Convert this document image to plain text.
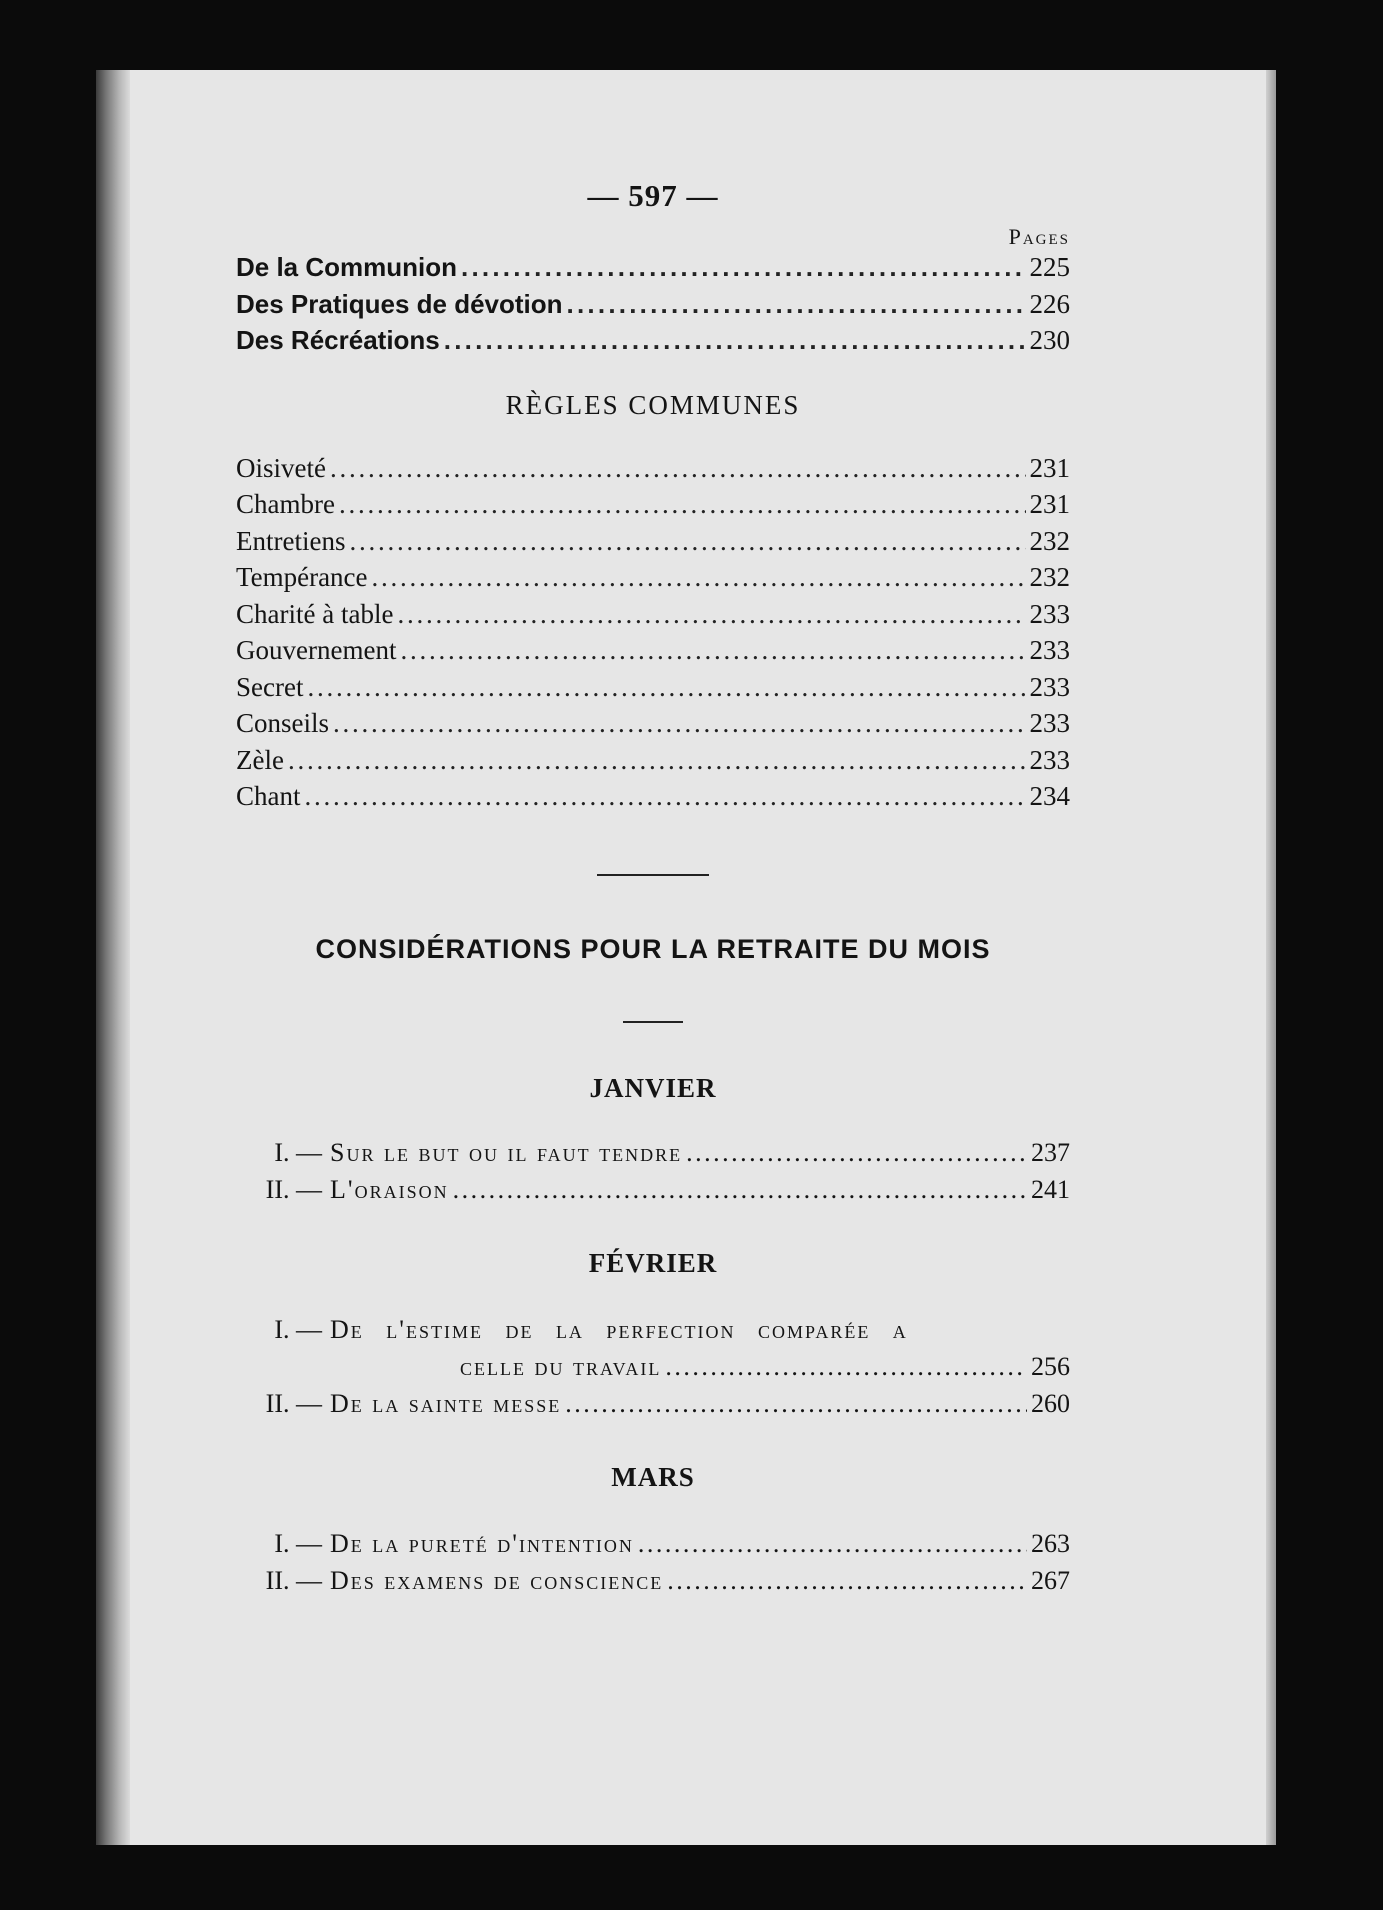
— 597 —
Pages
De la Communion . . .	225
Des Pratiques de dévotion . . .	226
Des Récréations . . .	230
RÈGLES COMMUNES
Oisiveté . . .	231
Chambre . . .	231
Entretiens . . .	232
Tempérance . . .	232
Charité à table . . .	233
Gouvernement . . .	233
Secret . . .	233
Conseils . . .	233
Zèle . . .	233
Chant . . .	234
CONSIDÉRATIONS POUR LA RETRAITE DU MOIS
JANVIER
I. — Sur le but ou il faut tendre . . .	237
II. — L'oraison . . .	241
FÉVRIER
I. — De l'estime de la perfection comparée a
celle du travail . . .	256
II. — De la sainte messe . . .	260
MARS
I. — De la pureté d'intention . . .	263
II. — Des examens de conscience . . .	267
